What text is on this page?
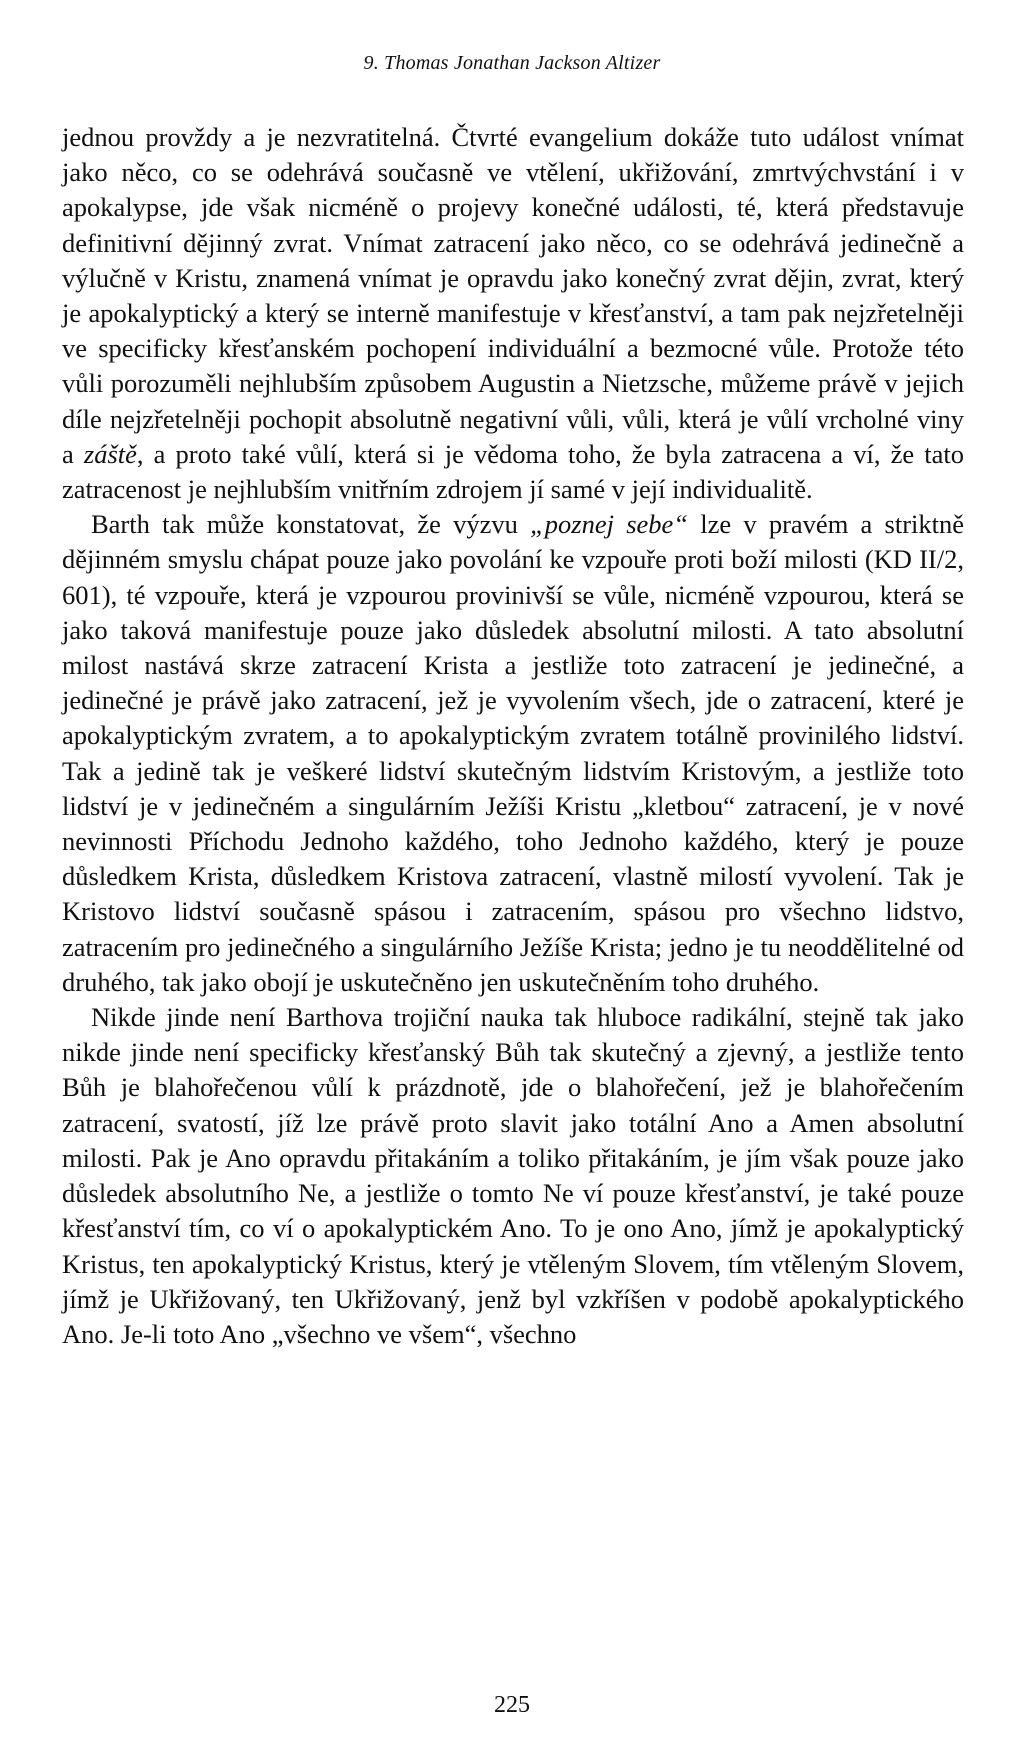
9. Thomas Jonathan Jackson Altizer

jednou provždy a je nezvratitelná. Čtvrté evangelium dokáže tuto událost vnímat jako něco, co se odehrává současně ve vtělení, ukřižování, zmrtvýchvstání i v apokalypse, jde však nicméně o projevy konečné události, té, která představuje definitivní dějinný zvrat. Vnímat zatracení jako něco, co se odehrává jedinečně a výlučně v Kristu, znamená vnímat je opravdu jako konečný zvrat dějin, zvrat, který je apokalyptický a který se interně manifestuje v křesťanství, a tam pak nejzřetelněji ve specificky křesťanském pochopení individuální a bezmocné vůle. Protože této vůli porozuměli nejhlubším způsobem Augustin a Nietzsche, můžeme právě v jejich díle nejzřetelněji pochopit absolutně negativní vůli, vůli, která je vůlí vrcholné viny a záště, a proto také vůlí, která si je vědoma toho, že byla zatracena a ví, že tato zatracenost je nejhlubším vnitřním zdrojem jí samé v její individualitě.

Barth tak může konstatovat, že výzvu „poznej sebe“ lze v pravém a striktně dějinném smyslu chápat pouze jako povolání ke vzpouře proti boží milosti (KD II/2, 601), té vzpouře, která je vzpourou provinivší se vůle, nicméně vzpourou, která se jako taková manifestuje pouze jako důsledek absolutní milosti. A tato absolutní milost nastává skrze zatracení Krista a jestliže toto zatracení je jedinečné, a jedinečné je právě jako zatracení, jež je vyvolením všech, jde o zatracení, které je apokalyptickým zvratem, a to apokalyptickým zvratem totálně provinilého lidství. Tak a jedině tak je veškeré lidství skutečným lidstvím Kristovým, a jestliže toto lidství je v jedinečném a singulárním Ježíši Kristu „kletbou“ zatracení, je v nové nevinnosti Příchodu Jednoho každého, toho Jednoho každého, který je pouze důsledkem Krista, důsledkem Kristova zatracení, vlastně milostí vyvolení. Tak je Kristovo lidství současně spásou i zatracením, spásou pro všechno lidstvo, zatracením pro jedinečného a singulárního Ježíše Krista; jedno je tu neoddělitelné od druhého, tak jako obojí je uskutečněno jen uskutečněním toho druhého.

Nikde jinde není Barthova trojiční nauka tak hluboce radikální, stejně tak jako nikde jinde není specificky křesťanský Bůh tak skutečný a zjevný, a jestliže tento Bůh je blahořečenou vůlí k prázdnotě, jde o blahořečení, jež je blahořečením zatracení, svatostí, jíž lze právě proto slavit jako totální Ano a Amen absolutní milosti. Pak je Ano opravdu přitakáním a toliko přitakáním, je jím však pouze jako důsledek absolutního Ne, a jestliže o tomto Ne ví pouze křesťanství, je také pouze křesťanství tím, co ví o apokalyptickém Ano. To je ono Ano, jímž je apokalyptický Kristus, ten apokalyptický Kristus, který je vtěleným Slovem, tím vtěleným Slovem, jímž je Ukřižovaný, ten Ukřižovaný, jenž byl vzkříšen v podobě apokalyptického Ano. Je-li toto Ano „všechno ve všem“, všechno

225
